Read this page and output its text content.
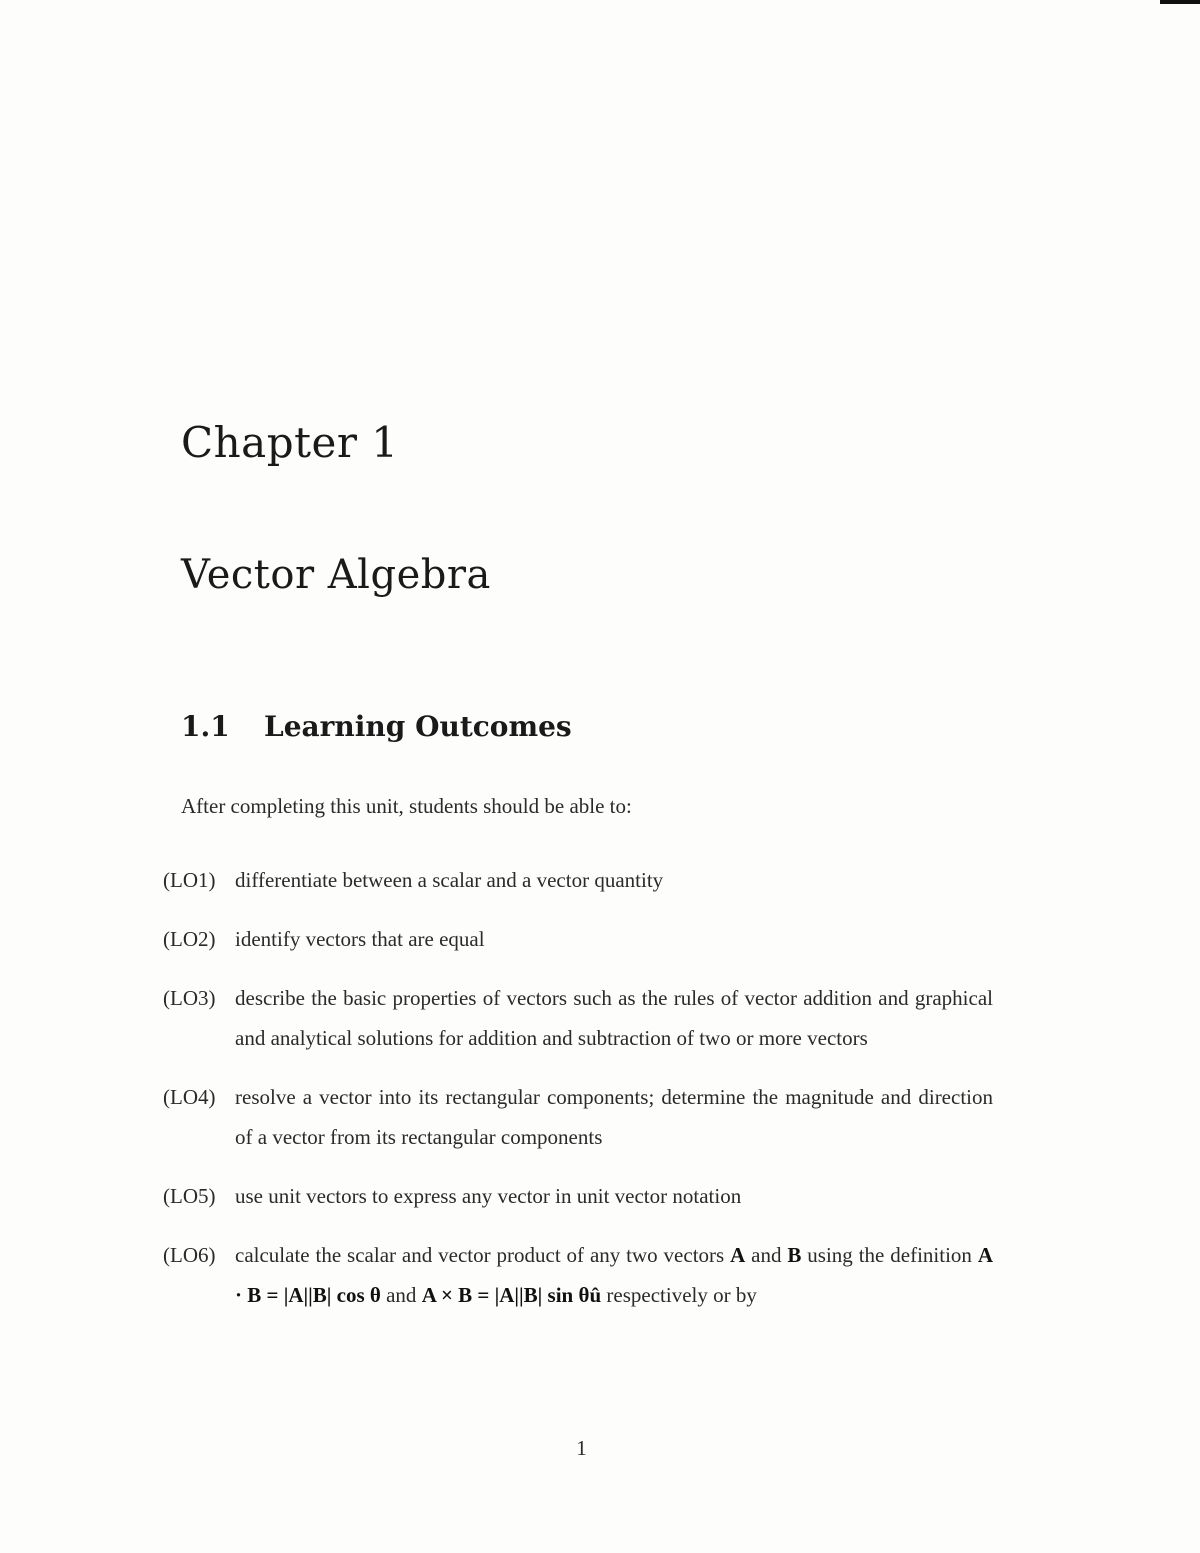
Chapter 1
Vector Algebra
1.1 Learning Outcomes

After completing this unit, students should be able to:

(LO1) differentiate between a scalar and a vector quantity
(LO2) identify vectors that are equal
(LO3) describe the basic properties of vectors such as the rules of vector addition and graphical and analytical solutions for addition and subtraction of two or more vectors
(LO4) resolve a vector into its rectangular components; determine the magnitude and direction of a vector from its rectangular components
(LO5) use unit vectors to express any vector in unit vector notation
(LO6) calculate the scalar and vector product of any two vectors A and B using the definition A · B = |A||B| cos θ and A × B = |A||B| sin θû respectively or by

1
